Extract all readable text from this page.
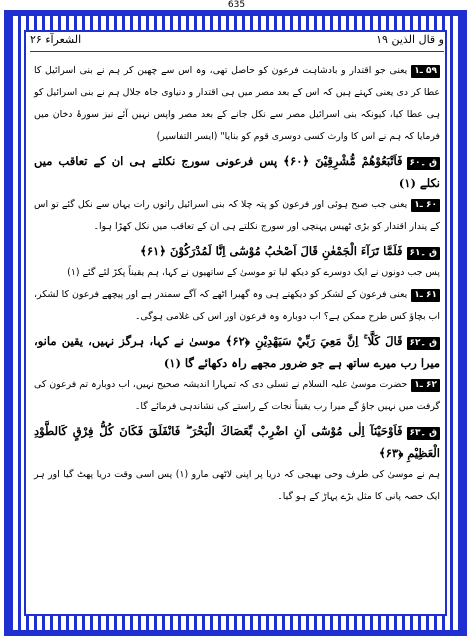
635
و قال الذین ۱۹
الشعرآء ۲۶

۵۹ ـ۱یعنی جو اقتدار و بادشاہت فرعون کو حاصل تھی، وہ اس سے چھین کر ہم نے بنی اسرائیل کا عطا کر دی یعنی کہتے ہیں کہ اس کے بعد مصر میں ہی اقتدار و دنیاوی جاہ جلال ہم نے بنی اسرائیل کو ہی عطا کیا، کیونکہ بنی اسرائیل مصر سے نکل جانے کے بعد مصر واپس نہیں آئے نیز سورۂ دخان میں فرمایا کہ ہم نے اس کا وارث کسی دوسری قوم کو بنایا" (ایسر التفاسیر)

ق ۔۶۰فَاَتْبَعُوْهُمْ مُّشْرِقِيْنَ ﴿۶۰﴾ پس فرعونی سورج نکلتے ہی ان کے تعاقب میں نکلے (۱)

۶۰ ـ۱یعنی جب صبح ہوئی اور فرعون کو پتہ چلا کہ بنی اسرائیل راتوں رات یہاں سے نکل گئے تو اس کے پندار اقتدار کو بڑی ٹھیس پہنچی اور سورج نکلتے ہی ان کے تعاقب میں نکل کھڑا ہوا۔

ق ۔۶۱فَلَمَّا تَرَآءَ الْجَمْعٰنِ قَالَ اَصْحٰبُ مُوْسٰٓى اِنَّا لَمُدْرَكُوْنَ ﴿۶۱﴾

پس جب دونوں نے ایک دوسرے کو دیکھ لیا تو موسیٰ کے ساتھیوں نے کہا، ہم یقیناً پکڑ لئے گئے (۱)

۶۱ ـ۱یعنی فرعون کے لشکر کو دیکھتے ہی وہ گھبرا اٹھے کہ آگے سمندر ہے اور پیچھے فرعون کا لشکر، اب بچاؤ کس طرح ممکن ہے؟ اب دوبارہ وہ فرعون اور اس کی غلامی ہوگی۔

ق ۔۶۲قَالَ كَلَّا ۚ اِنَّ مَعِيَ رَبِّيْ سَيَهْدِيْنِ ﴿۶۲﴾ موسیٰ نے کہا، ہرگز نہیں، یقین مانو، میرا رب میرے ساتھ ہے جو ضرور مجھے راہ دکھائے گا (۱)

۶۲ ـ۱حضرت موسیٰ علیہ السلام نے تسلی دی کہ تمہارا اندیشہ صحیح نہیں، اب دوبارہ تم فرعون کی گرفت میں نہیں جاؤ گے میرا رب یقیناً نجات کے راستے کی نشاندہی فرمائے گا۔

ق ۔۶۳فَاَوْحَيْنَآ اِلٰى مُوْسٰٓى اَنِ اضْرِبْ بِّعَصَاكَ الْبَحْرَ ۖ فَانْفَلَقَ فَكَانَ كُلُّ فِرْقٍ كَالطَّوْدِ الْعَظِيْمِ ﴿۶۳﴾

ہم نے موسیٰ کی طرف وحی بھیجی کہ دریا پر اپنی لاٹھی مارو (۱) پس اسی وقت دریا پھٹ گیا اور ہر ایک حصہ پانی کا مثل بڑے پہاڑ کے ہو گیا۔
